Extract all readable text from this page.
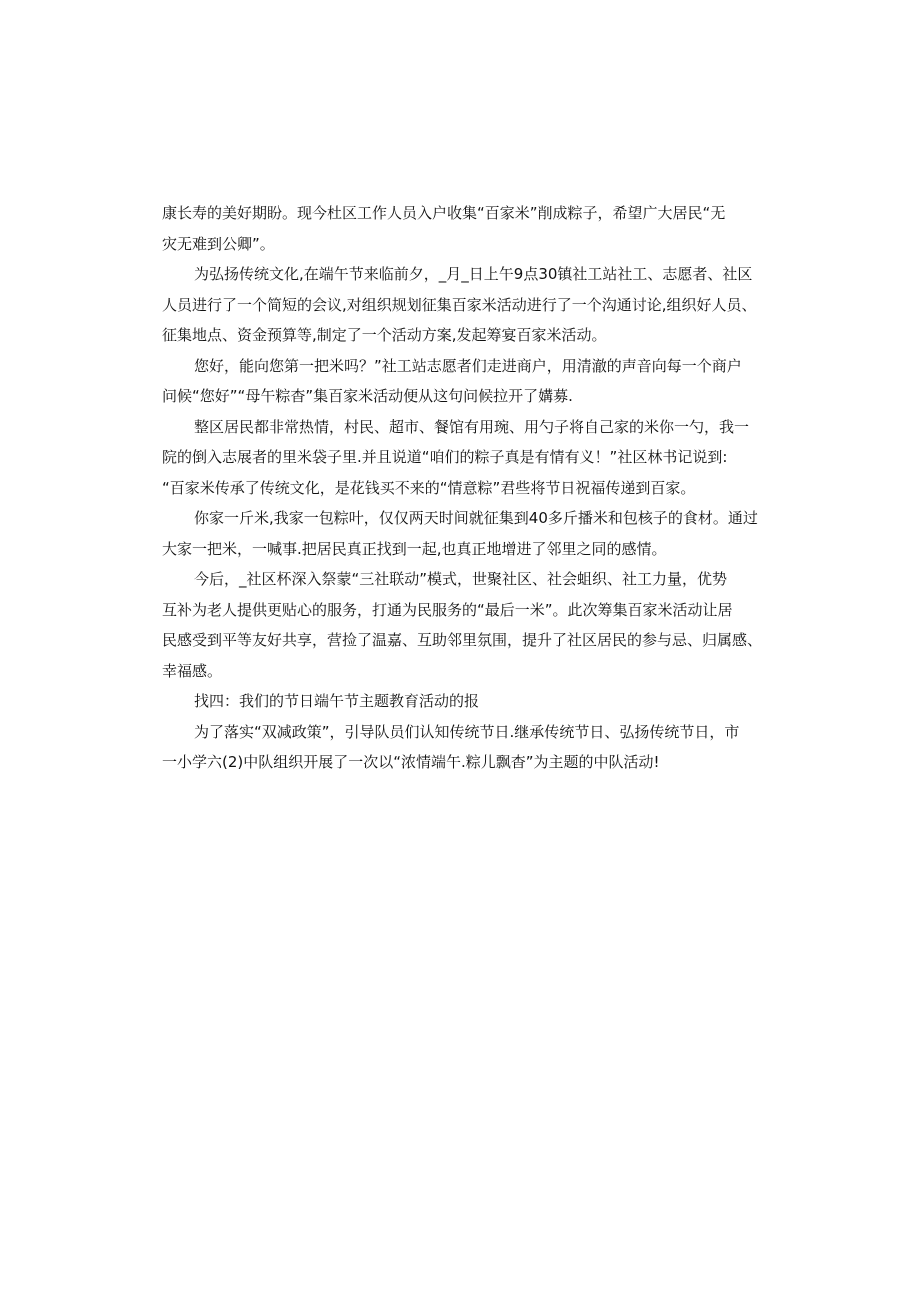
康长寿的美好期盼。现今杜区工作人员入户收集“百家米”削成粽子，希望广大居民“无
灾无难到公卿”。
为弘扬传统文化,在端午节来临前夕，_月_日上午9点30镇社工站社工、志愿者、社区
人员进行了一个简短的会议,对组织规划征集百家米活动进行了一个沟通讨论,组织好人员、
征集地点、资金预算等,制定了一个活动方案,发起筹宴百家米活动。
您好，能向您第一把米吗？”社工站志愿者们走进商户，用清澈的声音向每一个商户
问候“您好”“母午粽杳”集百家米活动便从这句问候拉开了媾募.
整区居民都非常热情，村民、超市、餐馆有用琬、用勺子将自己家的米你一勺，我一
院的倒入志展者的里米袋子里.并且说道“咱们的粽子真是有情有义！”社区林书记说到:
“百家米传承了传统文化，是花钱买不来的“情意粽”君些将节日祝福传递到百家。
你家一斤米,我家一包粽叶，仅仅两天时间就征集到40多斤播米和包核子的食材。通过
大家一把米，一喊事.把居民真正找到一起,也真正地增进了邻里之同的感情。
今后，_社区杯深入祭蒙“三社联动”模式，世聚社区、社会蛆织、社工力量，优势
互补为老人提供更贴心的服务，打通为民服务的“最后一米”。此次筹集百家米活动让居
民感受到平等友好共享，营捡了温嘉、互助邻里氛围，提升了社区居民的参与忌、归属感、
幸福感。
找四：我们的节日端午节主题教育活动的报
为了落实“双减政策”，引导队员们认知传统节日.继承传统节日、弘扬传统节日，市
一小学六(2)中队组织开展了一次以“浓情端午.粽儿飘杳”为主题的中队活动!
